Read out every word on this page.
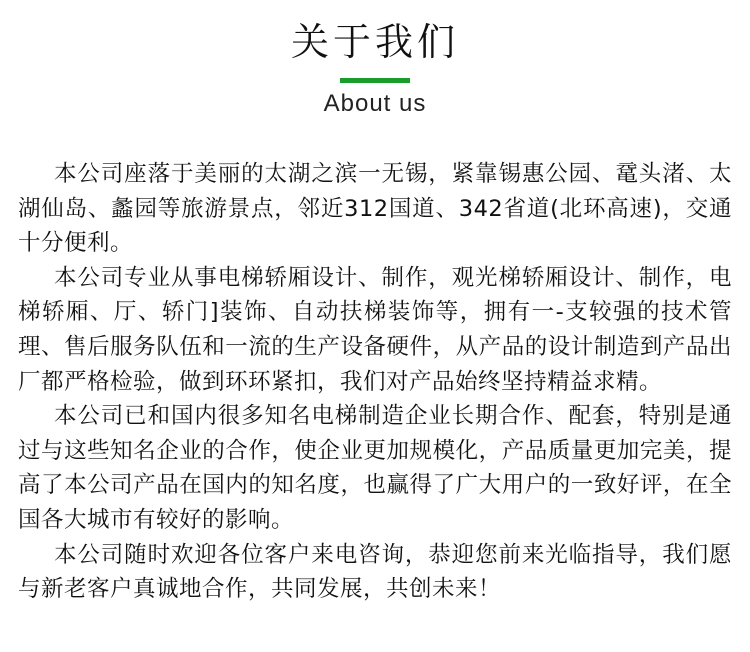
关于我们
About us

本公司座落于美丽的太湖之滨一无锡，紧靠锡惠公园、鼋头渚、太湖仙岛、蠡园等旅游景点，邻近312国道、342省道(北环高速)，交通十分便利。

本公司专业从事电梯轿厢设计、制作，观光梯轿厢设计、制作，电梯轿厢、厅、轿门]装饰、自动扶梯装饰等，拥有一-支较强的技术管理、售后服务队伍和一流的生产设备硬件，从产品的设计制造到产品出厂都严格检验，做到环环紧扣，我们对产品始终坚持精益求精。

本公司已和国内很多知名电梯制造企业长期合作、配套，特别是通过与这些知名企业的合作，使企业更加规模化，产品质量更加完美，提高了本公司产品在国内的知名度，也赢得了广大用户的一致好评，在全国各大城市有较好的影响。

本公司随时欢迎各位客户来电咨询，恭迎您前来光临指导，我们愿与新老客户真诚地合作，共同发展，共创未来！
